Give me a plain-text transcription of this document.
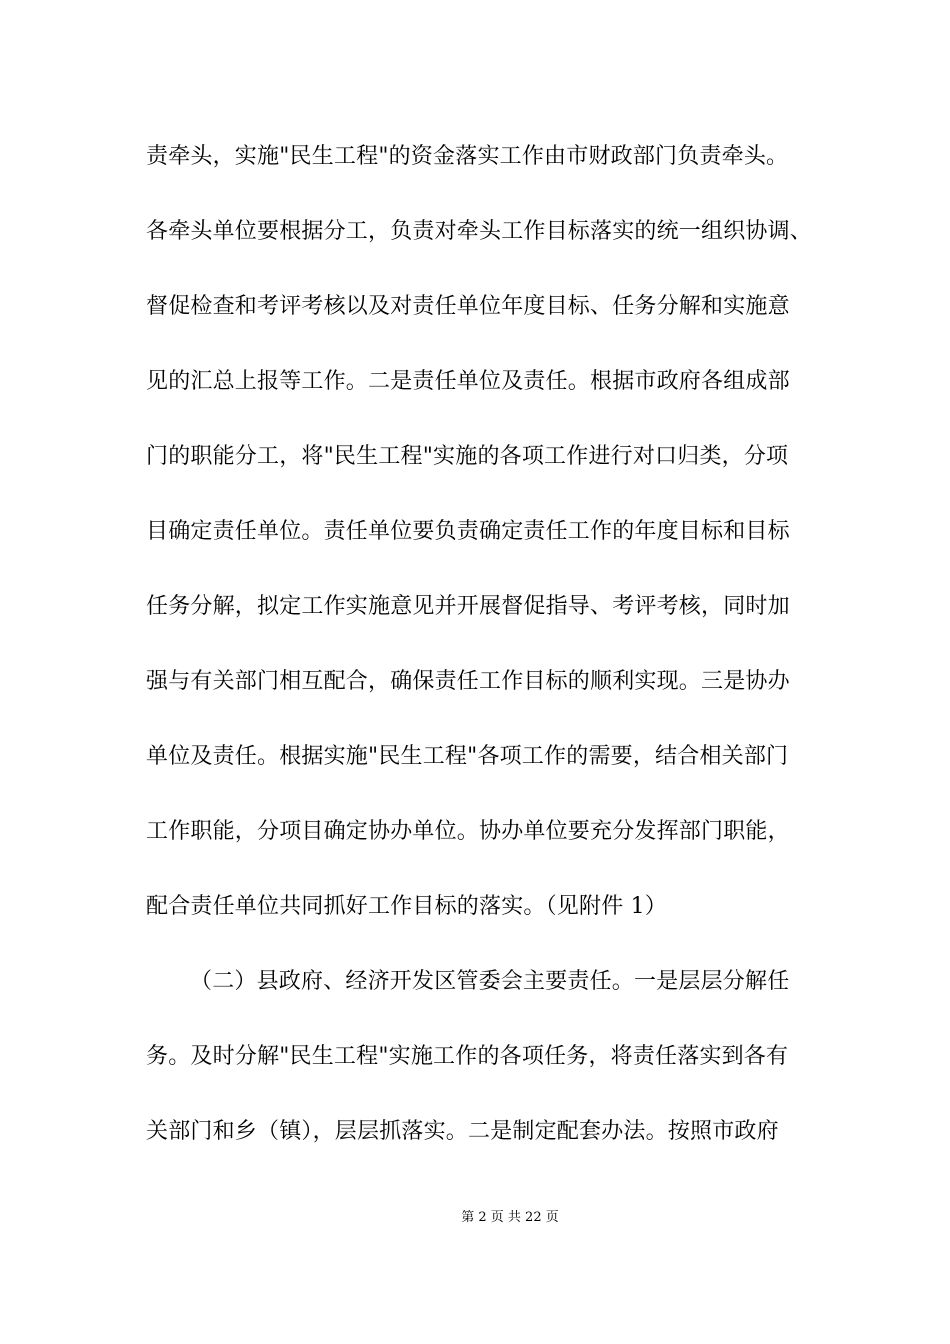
责牵头，实施"民生工程"的资金落实工作由市财政部门负责牵头。
各牵头单位要根据分工，负责对牵头工作目标落实的统一组织协调、
督促检查和考评考核以及对责任单位年度目标、任务分解和实施意
见的汇总上报等工作。二是责任单位及责任。根据市政府各组成部
门的职能分工，将"民生工程"实施的各项工作进行对口归类，分项
目确定责任单位。责任单位要负责确定责任工作的年度目标和目标
任务分解，拟定工作实施意见并开展督促指导、考评考核，同时加
强与有关部门相互配合，确保责任工作目标的顺利实现。三是协办
单位及责任。根据实施"民生工程"各项工作的需要，结合相关部门
工作职能，分项目确定协办单位。协办单位要充分发挥部门职能，
配合责任单位共同抓好工作目标的落实。（见附件 1）
（二）县政府、经济开发区管委会主要责任。一是层层分解任
务。及时分解"民生工程"实施工作的各项任务，将责任落实到各有
关部门和乡（镇），层层抓落实。二是制定配套办法。按照市政府
第 2 页 共 22 页
